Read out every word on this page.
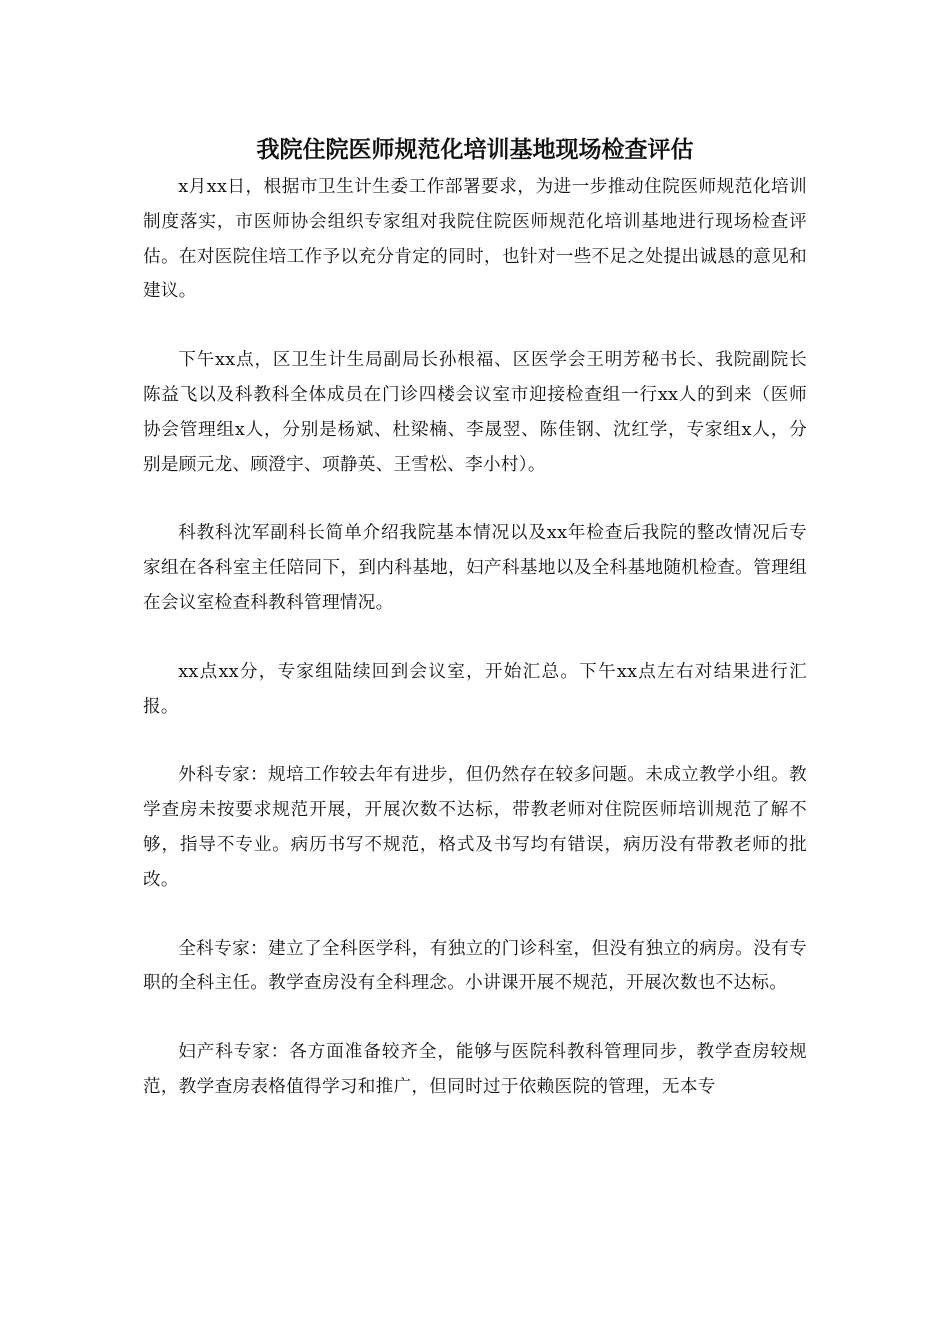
我院住院医师规范化培训基地现场检查评估

x月xx日，根据市卫生计生委工作部署要求，为进一步推动住院医师规范化培训制度落实，市医师协会组织专家组对我院住院医师规范化培训基地进行现场检查评估。在对医院住培工作予以充分肯定的同时，也针对一些不足之处提出诚恳的意见和建议。

下午xx点，区卫生计生局副局长孙根福、区医学会王明芳秘书长、我院副院长陈益飞以及科教科全体成员在门诊四楼会议室市迎接检查组一行xx人的到来（医师协会管理组x人，分别是杨斌、杜梁楠、李晟翌、陈佳钢、沈红学，专家组x人，分别是顾元龙、顾澄宇、项静英、王雪松、李小村）。

科教科沈军副科长简单介绍我院基本情况以及xx年检查后我院的整改情况后专家组在各科室主任陪同下，到内科基地，妇产科基地以及全科基地随机检查。管理组在会议室检查科教科管理情况。

xx点xx分，专家组陆续回到会议室，开始汇总。下午xx点左右对结果进行汇报。

外科专家：规培工作较去年有进步，但仍然存在较多问题。未成立教学小组。教学查房未按要求规范开展，开展次数不达标，带教老师对住院医师培训规范了解不够，指导不专业。病历书写不规范，格式及书写均有错误，病历没有带教老师的批改。

全科专家：建立了全科医学科，有独立的门诊科室，但没有独立的病房。没有专职的全科主任。教学查房没有全科理念。小讲课开展不规范，开展次数也不达标。

妇产科专家：各方面准备较齐全，能够与医院科教科管理同步，教学查房较规范，教学查房表格值得学习和推广，但同时过于依赖医院的管理，无本专
